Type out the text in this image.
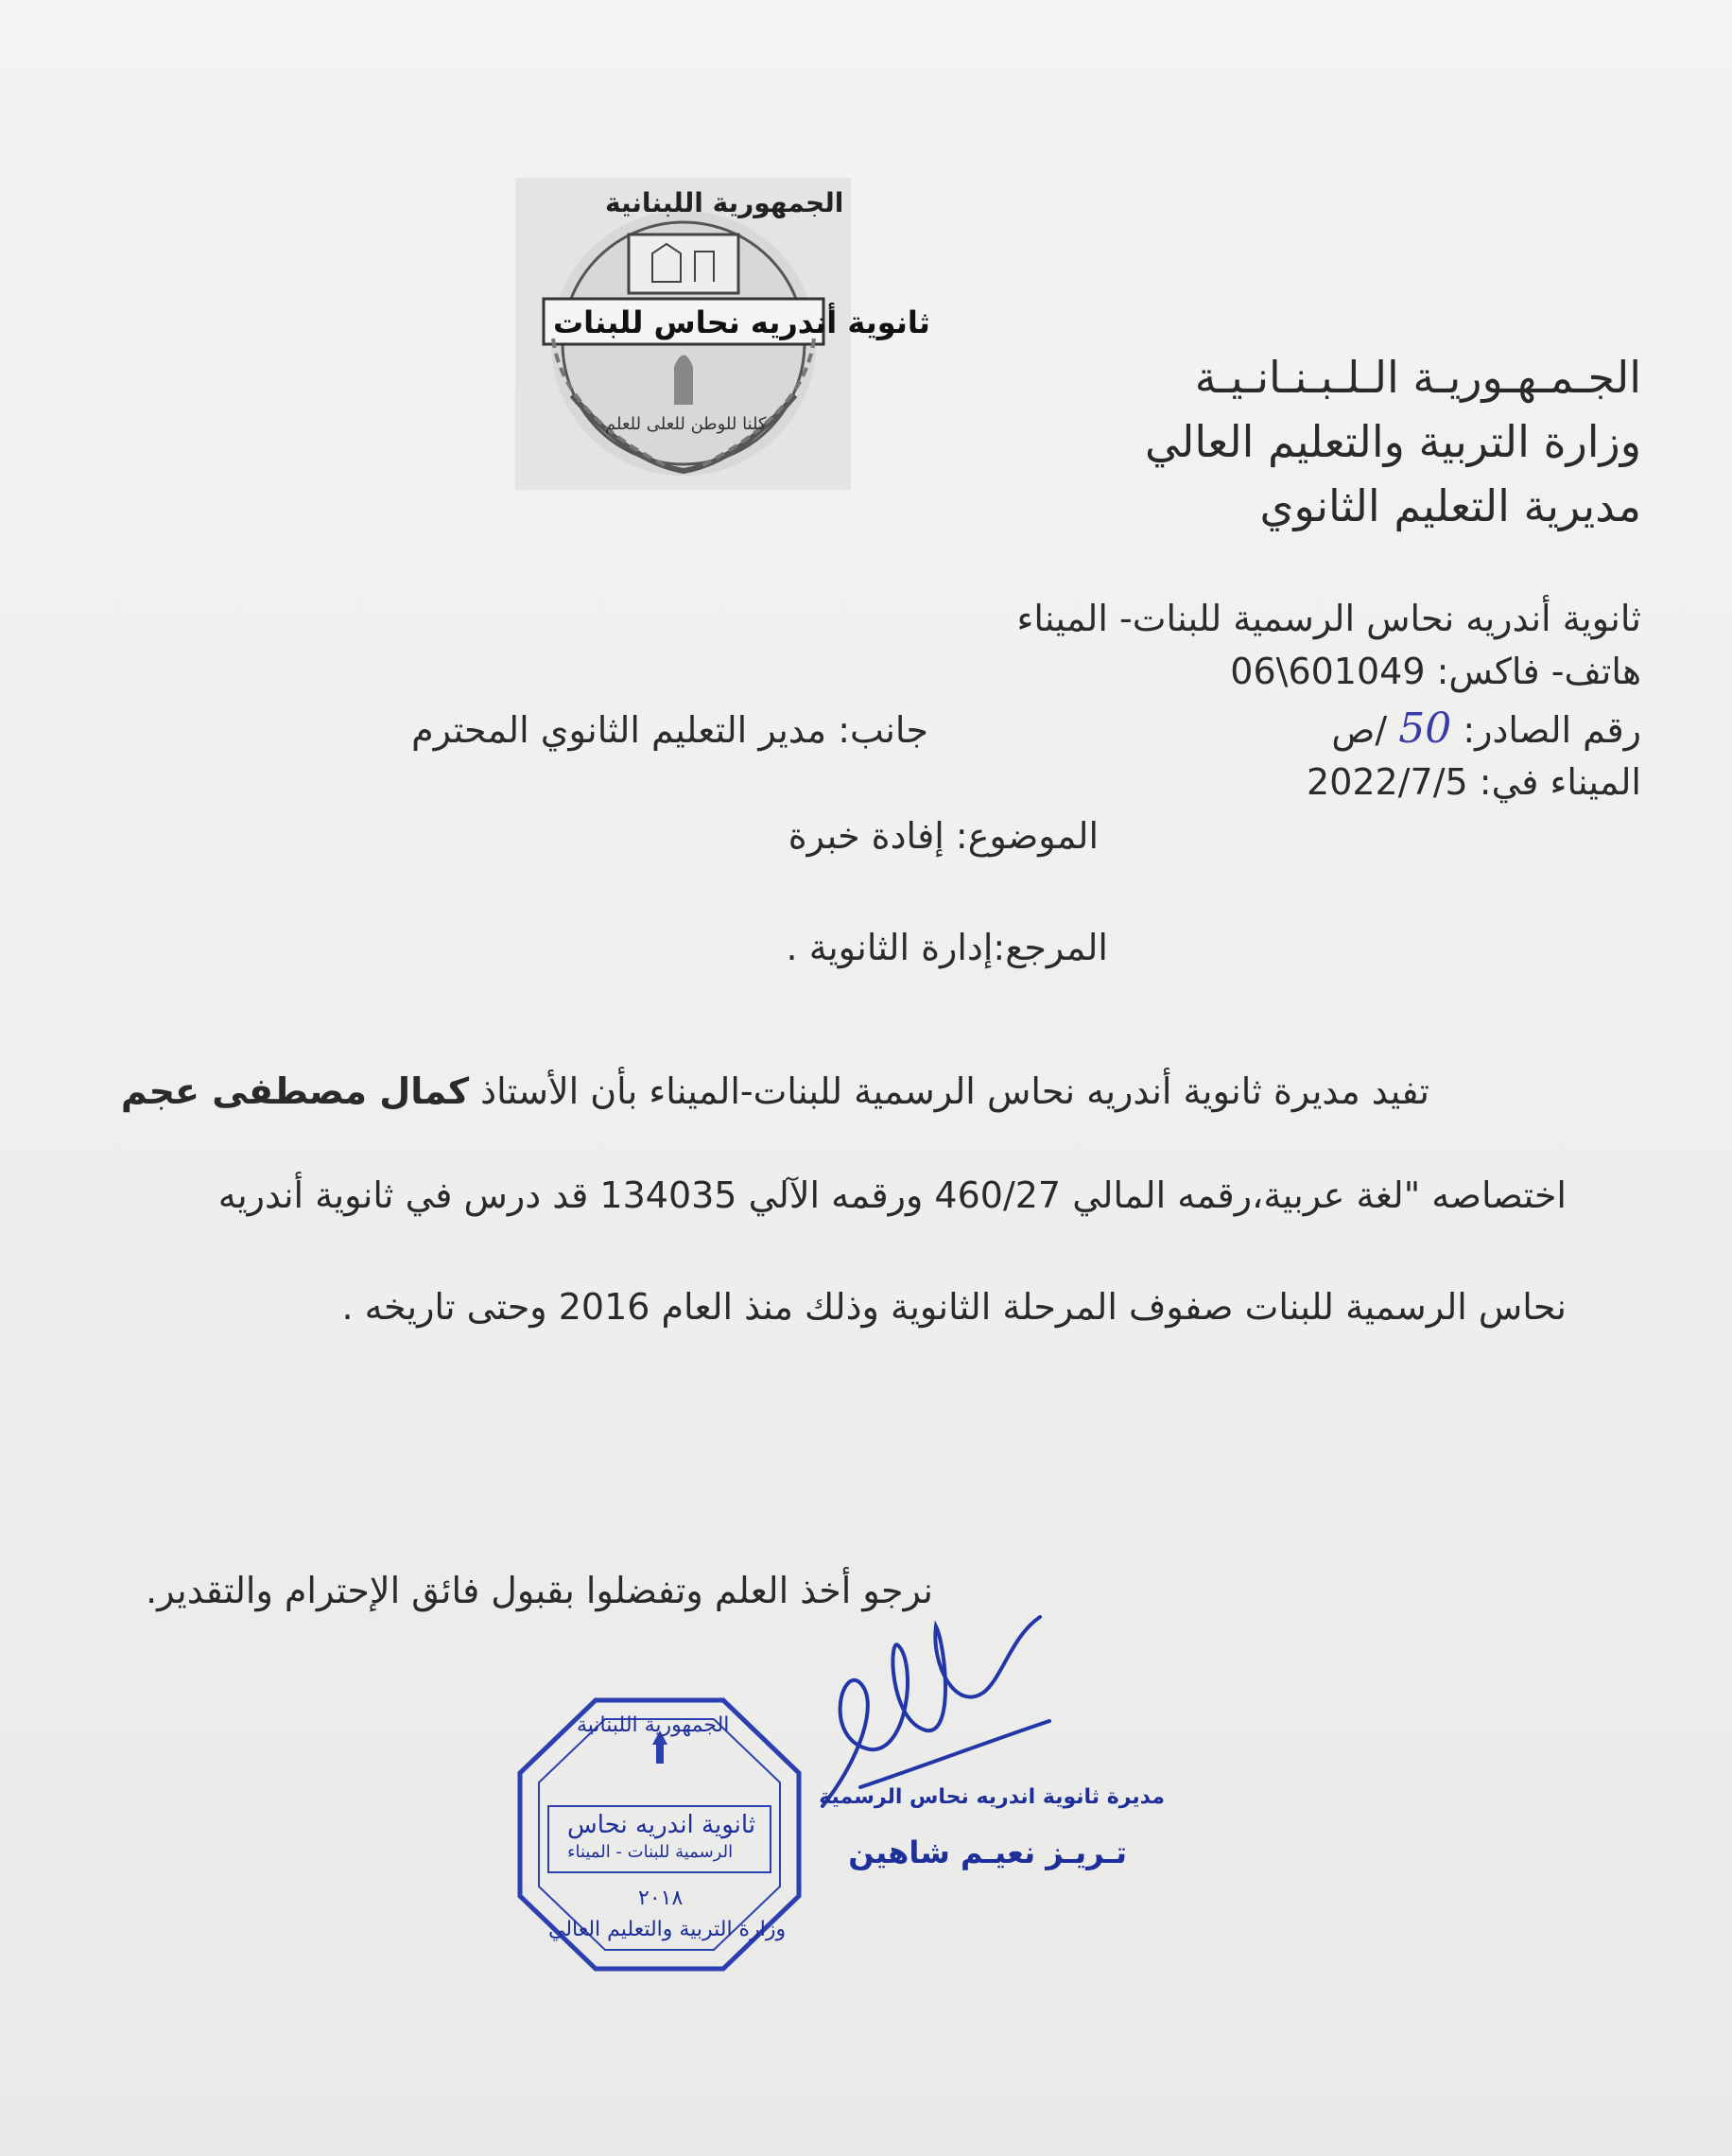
الجمهورية اللبنانية
ثانوية أندريه نحاس للبنات
كلنا للوطن للعلى للعلم
الجـمـهـوريـة الـلـبـنـانـيـة
وزارة التربية والتعليم العالي
مديرية التعليم الثانوي
ثانوية أندريه نحاس الرسمية للبنات- الميناء
هاتف- فاكس: 06\601049
رقم الصادر: 50 /ص
جانب: مدير التعليم الثانوي المحترم
الميناء في: 2022/7/5
الموضوع: إفادة خبرة
المرجع:إدارة الثانوية .
تفيد مديرة ثانوية أندريه نحاس الرسمية للبنات-الميناء بأن الأستاذ كمال مصطفى عجم
اختصاصه "لغة عربية،رقمه المالي 460/27 ورقمه الآلي 134035 قد درس في ثانوية أندريه
نحاس الرسمية للبنات صفوف المرحلة الثانوية وذلك منذ العام 2016 وحتى تاريخه .
نرجو أخذ العلم وتفضلوا بقبول فائق الإحترام والتقدير.
الجمهورية اللبنانية
ثانوية اندريه نحاس
الرسمية للبنات - الميناء
٢٠١٨
وزارة التربية والتعليم العالي
مديرة ثانوية اندريه نحاس الرسمية
تـريـز نعيـم شاهين
